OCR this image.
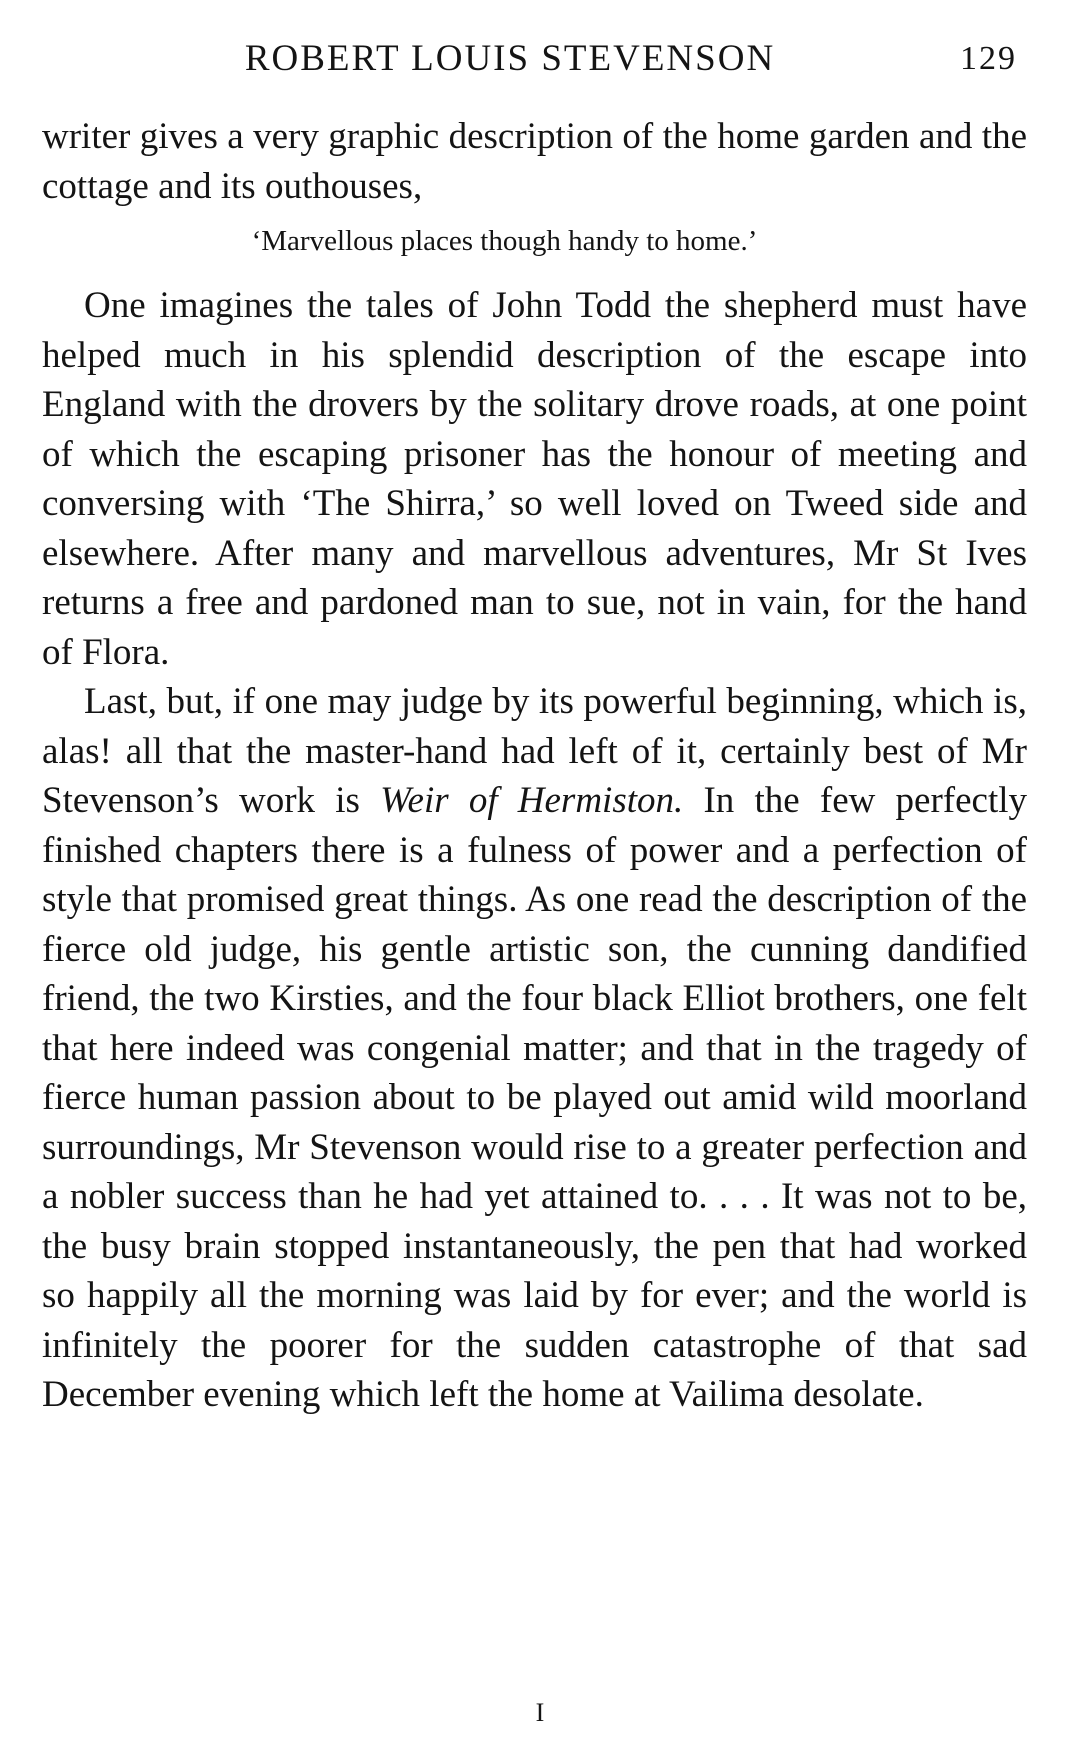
ROBERT LOUIS STEVENSON	129

writer gives a very graphic description of the home garden and the cottage and its outhouses,

‘Marvellous places though handy to home.’

One imagines the tales of John Todd the shepherd must have helped much in his splendid description of the escape into England with the drovers by the solitary drove roads, at one point of which the escaping prisoner has the honour of meeting and conversing with ‘The Shirra,’ so well loved on Tweed side and elsewhere. After many and marvellous adventures, Mr St Ives returns a free and pardoned man to sue, not in vain, for the hand of Flora.

Last, but, if one may judge by its powerful beginning, which is, alas! all that the master-hand had left of it, certainly best of Mr Stevenson’s work is Weir of Hermiston. In the few perfectly finished chapters there is a fulness of power and a perfection of style that promised great things. As one read the description of the fierce old judge, his gentle artistic son, the cunning dandified friend, the two Kirsties, and the four black Elliot brothers, one felt that here indeed was congenial matter; and that in the tragedy of fierce human passion about to be played out amid wild moorland surroundings, Mr Stevenson would rise to a greater perfection and a nobler success than he had yet attained to. . . . It was not to be, the busy brain stopped instantaneously, the pen that had worked so happily all the morning was laid by for ever; and the world is infinitely the poorer for the sudden catastrophe of that sad December evening which left the home at Vailima desolate.

I
